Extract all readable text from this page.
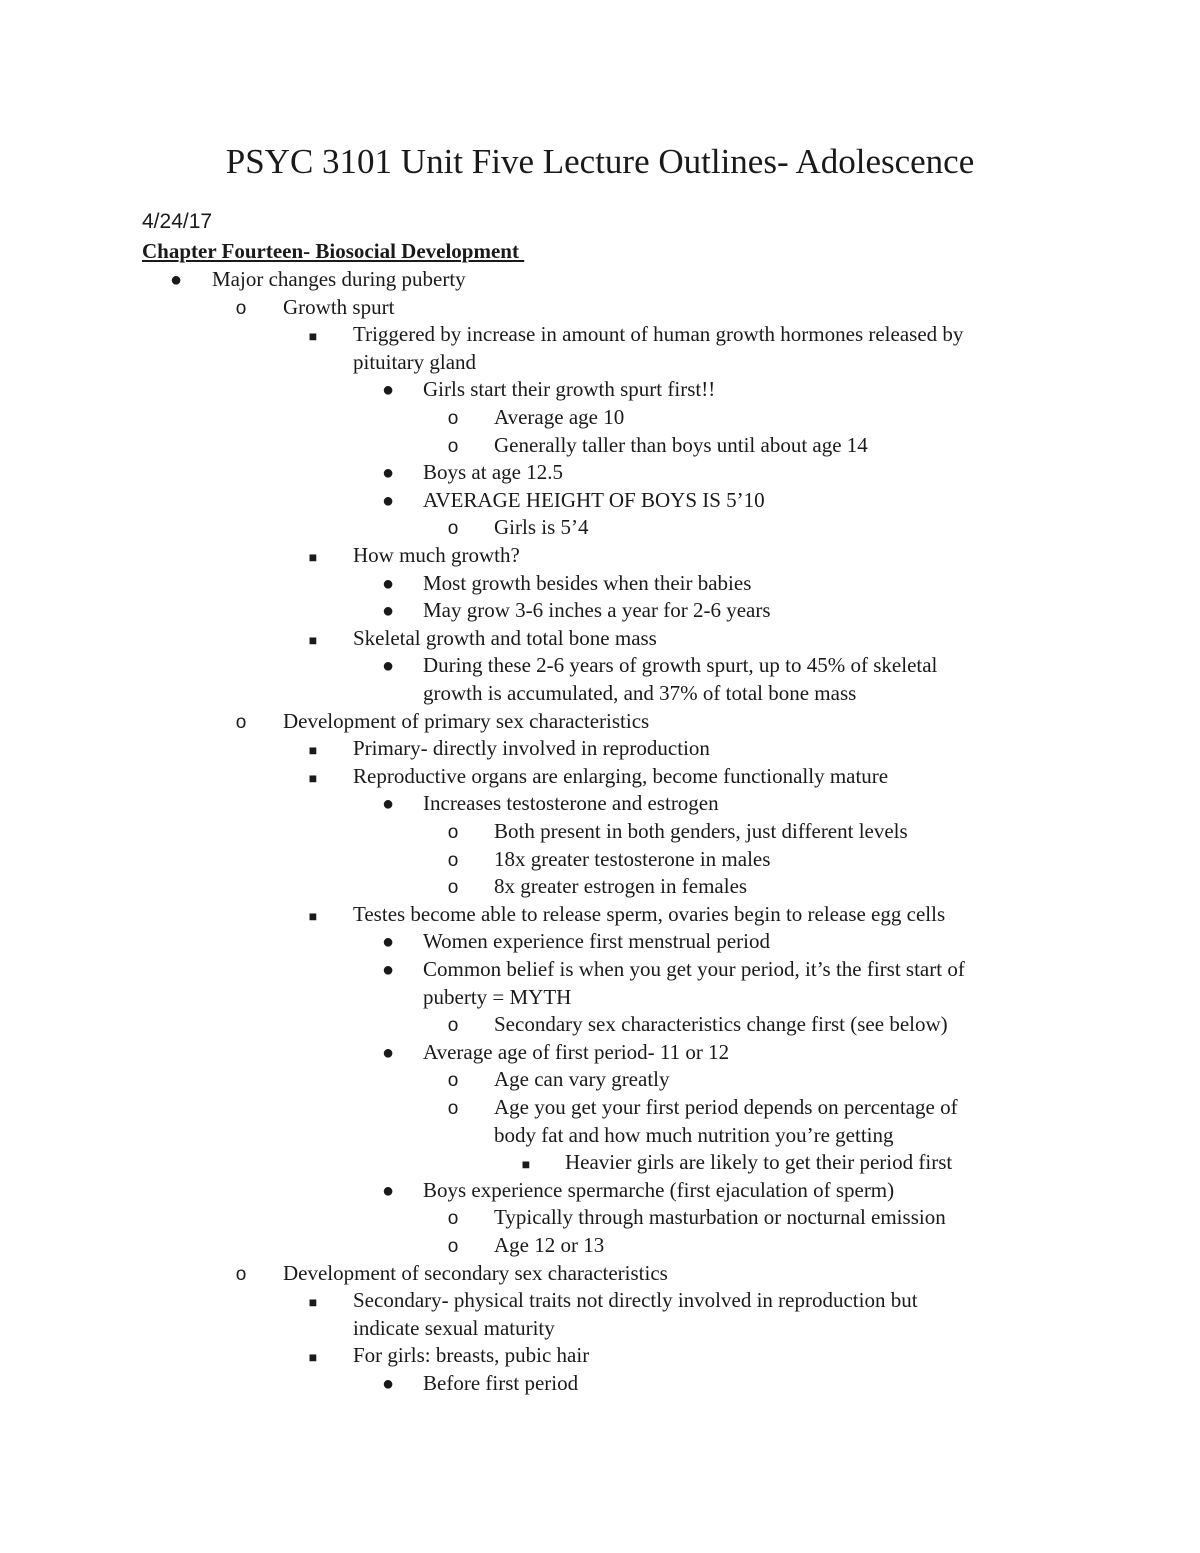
PSYC 3101 Unit Five Lecture Outlines- Adolescence
4/24/17
Chapter Fourteen- Biosocial Development
●
Major changes during puberty
o
Growth spurt
■
Triggered by increase in amount of human growth hormones released by
pituitary gland
●
Girls start their growth spurt first!!
o
Average age 10
o
Generally taller than boys until about age 14
●
Boys at age 12.5
●
AVERAGE HEIGHT OF BOYS IS 5’10
o
Girls is 5’4
■
How much growth?
●
Most growth besides when their babies
●
May grow 3-6 inches a year for 2-6 years
■
Skeletal growth and total bone mass
●
During these 2-6 years of growth spurt, up to 45% of skeletal
growth is accumulated, and 37% of total bone mass
o
Development of primary sex characteristics
■
Primary- directly involved in reproduction
■
Reproductive organs are enlarging, become functionally mature
●
Increases testosterone and estrogen
o
Both present in both genders, just different levels
o
18x greater testosterone in males
o
8x greater estrogen in females
■
Testes become able to release sperm, ovaries begin to release egg cells
●
Women experience first menstrual period
●
Common belief is when you get your period, it’s the first start of
puberty = MYTH
o
Secondary sex characteristics change first (see below)
●
Average age of first period- 11 or 12
o
Age can vary greatly
o
Age you get your first period depends on percentage of
body fat and how much nutrition you’re getting
■
Heavier girls are likely to get their period first
●
Boys experience spermarche (first ejaculation of sperm)
o
Typically through masturbation or nocturnal emission
o
Age 12 or 13
o
Development of secondary sex characteristics
■
Secondary- physical traits not directly involved in reproduction but
indicate sexual maturity
■
For girls: breasts, pubic hair
●
Before first period
